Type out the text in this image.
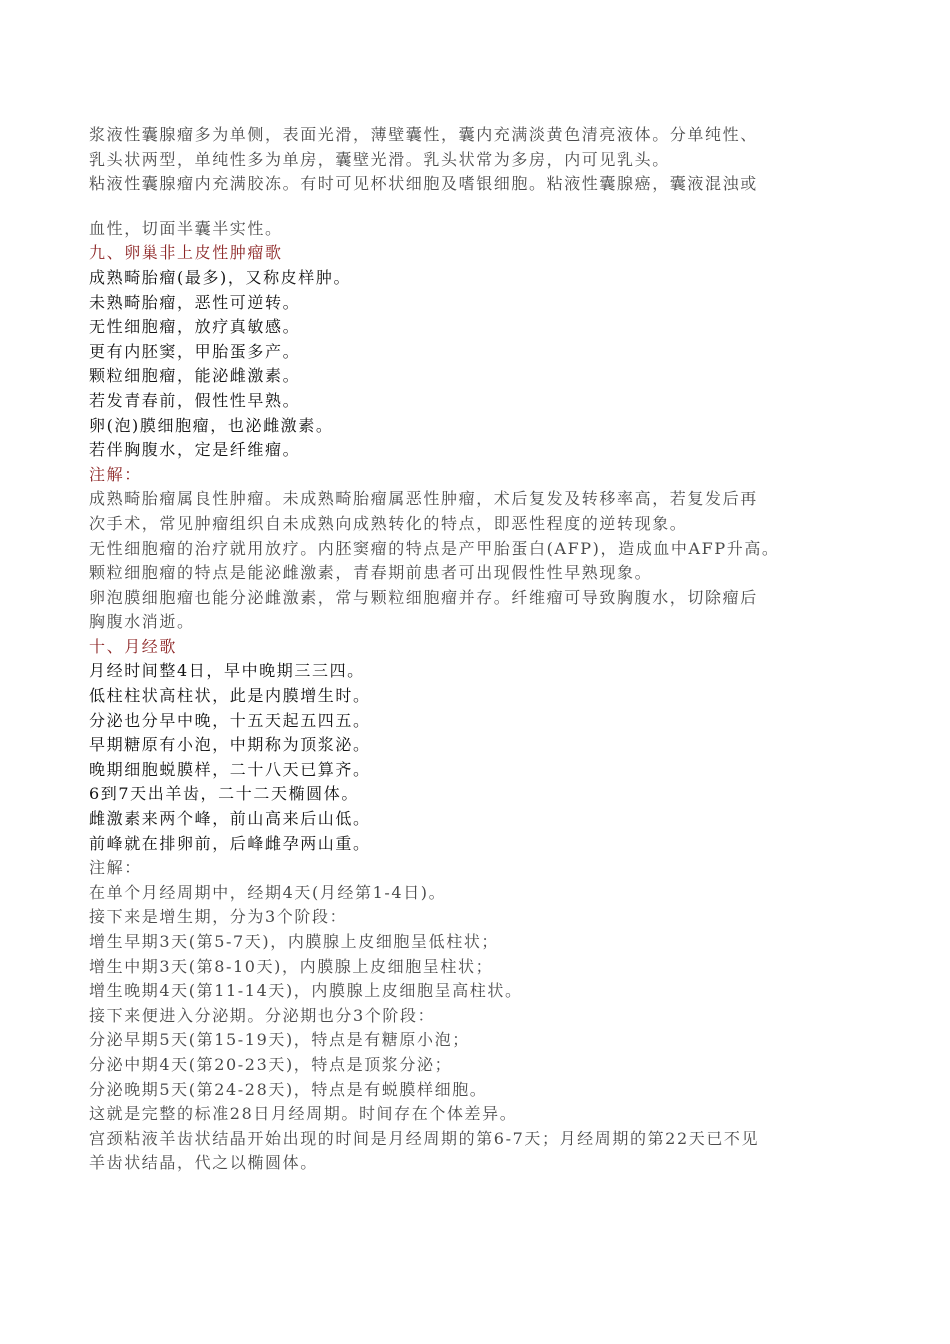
浆液性囊腺瘤多为单侧，表面光滑，薄壁囊性，囊内充满淡黄色清亮液体。分单纯性、

乳头状两型，单纯性多为单房，囊壁光滑。乳头状常为多房，内可见乳头。

粘液性囊腺瘤内充满胶冻。有时可见杯状细胞及嗜银细胞。粘液性囊腺癌，囊液混浊或

血性，切面半囊半实性。

九、卵巢非上皮性肿瘤歌

成熟畸胎瘤(最多)，又称皮样肿。

未熟畸胎瘤，恶性可逆转。

无性细胞瘤，放疗真敏感。

更有内胚窦，甲胎蛋多产。

颗粒细胞瘤，能泌雌激素。

若发青春前，假性性早熟。

卵(泡)膜细胞瘤，也泌雌激素。

若伴胸腹水，定是纤维瘤。

注解：

成熟畸胎瘤属良性肿瘤。未成熟畸胎瘤属恶性肿瘤，术后复发及转移率高，若复发后再

次手术，常见肿瘤组织自未成熟向成熟转化的特点，即恶性程度的逆转现象。

无性细胞瘤的治疗就用放疗。内胚窦瘤的特点是产甲胎蛋白(AFP)，造成血中AFP升高。

颗粒细胞瘤的特点是能泌雌激素，青春期前患者可出现假性性早熟现象。

卵泡膜细胞瘤也能分泌雌激素，常与颗粒细胞瘤并存。纤维瘤可导致胸腹水，切除瘤后

胸腹水消逝。

十、月经歌

月经时间整4日，早中晚期三三四。

低柱柱状高柱状，此是内膜增生时。

分泌也分早中晚，十五天起五四五。

早期糖原有小泡，中期称为顶浆泌。

晚期细胞蜕膜样，二十八天已算齐。

6到7天出羊齿，二十二天椭圆体。

雌激素来两个峰，前山高来后山低。

前峰就在排卵前，后峰雌孕两山重。

注解：

在单个月经周期中，经期4天(月经第1-4日)。

接下来是增生期，分为3个阶段：

增生早期3天(第5-7天)，内膜腺上皮细胞呈低柱状；

增生中期3天(第8-10天)，内膜腺上皮细胞呈柱状；

增生晚期4天(第11-14天)，内膜腺上皮细胞呈高柱状。

接下来便进入分泌期。分泌期也分3个阶段：

分泌早期5天(第15-19天)，特点是有糖原小泡；

分泌中期4天(第20-23天)，特点是顶浆分泌；

分泌晚期5天(第24-28天)，特点是有蜕膜样细胞。

这就是完整的标准28日月经周期。时间存在个体差异。

宫颈粘液羊齿状结晶开始出现的时间是月经周期的第6-7天；月经周期的第22天已不见

羊齿状结晶，代之以椭圆体。
